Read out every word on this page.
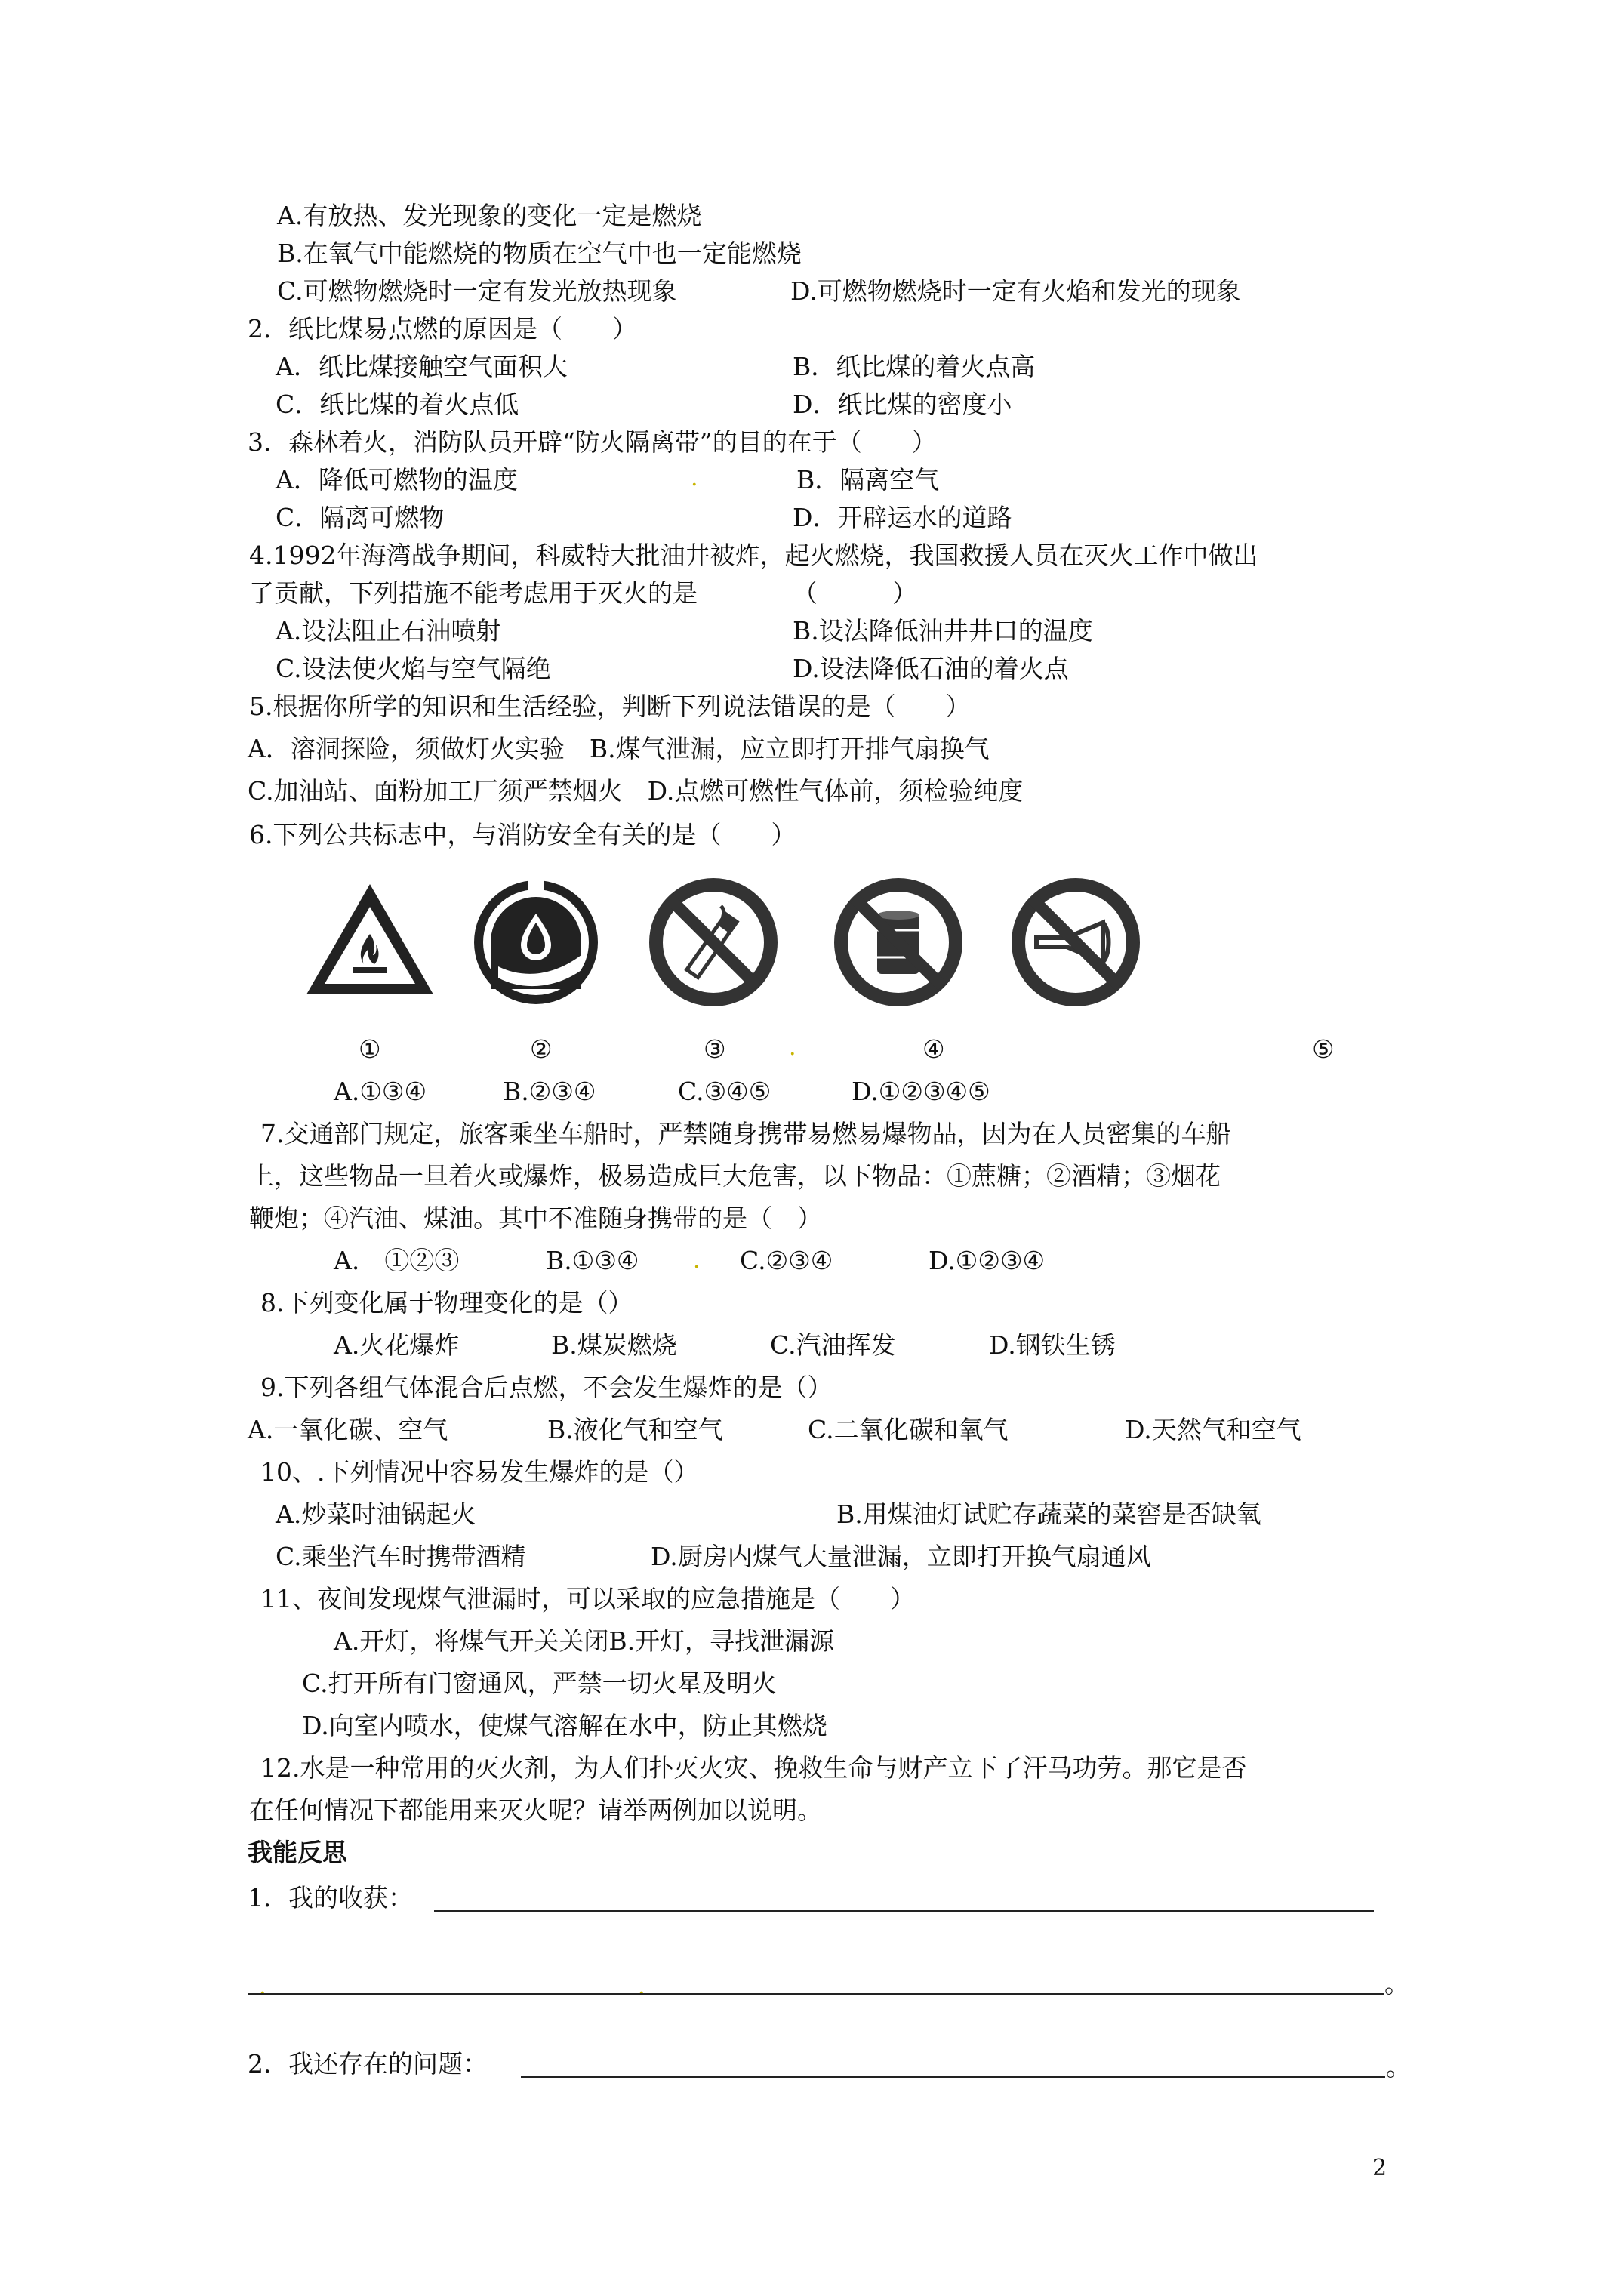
A.有放热、发光现象的变化一定是燃烧
B.在氧气中能燃烧的物质在空气中也一定能燃烧
C.可燃物燃烧时一定有发光放热现象	D.可燃物燃烧时一定有火焰和发光的现象
2．纸比煤易点燃的原因是（　　）
A．纸比煤接触空气面积大	B．纸比煤的着火点高
C．纸比煤的着火点低	D．纸比煤的密度小
3．森林着火，消防队员开辟“防火隔离带”的目的在于（　　）
A．降低可燃物的温度	.	B．隔离空气
C．隔离可燃物	D．开辟运水的道路
4.1992年海湾战争期间，科威特大批油井被炸，起火燃烧，我国救援人员在灭火工作中做出
了贡献，下列措施不能考虑用于灭火的是	（　　　）
A.设法阻止石油喷射	B.设法降低油井井口的温度
C.设法使火焰与空气隔绝	D.设法降低石油的着火点
5.根据你所学的知识和生活经验，判断下列说法错误的是（　　）
A．溶洞探险，须做灯火实验　B.煤气泄漏，应立即打开排气扇换气
C.加油站、面粉加工厂须严禁烟火　D.点燃可燃性气体前，须检验纯度
6.下列公共标志中，与消防安全有关的是（　　）
①	②	③	.	④	⑤
A.①③④	B.②③④	C.③④⑤	D.①②③④⑤
7.交通部门规定，旅客乘坐车船时，严禁随身携带易燃易爆物品，因为在人员密集的车船
上，这些物品一旦着火或爆炸，极易造成巨大危害，以下物品：①蔗糖；②酒精；③烟花
鞭炮；④汽油、煤油。其中不准随身携带的是（　）
A.　①②③	B.①③④ . C.②③④	D.①②③④
8.下列变化属于物理变化的是（）
A.火花爆炸	B.煤炭燃烧	C.汽油挥发	D.钢铁生锈
9.下列各组气体混合后点燃，不会发生爆炸的是（）
A.一氧化碳、空气	B.液化气和空气	C.二氧化碳和氧气	D.天然气和空气
10、.下列情况中容易发生爆炸的是（）
A.炒菜时油锅起火	B.用煤油灯试贮存蔬菜的菜窖是否缺氧
C.乘坐汽车时携带酒精	D.厨房内煤气大量泄漏，立即打开换气扇通风
11、夜间发现煤气泄漏时，可以采取的应急措施是（　　）
A.开灯，将煤气开关关闭B.开灯，寻找泄漏源
C.打开所有门窗通风，严禁一切火星及明火
D.向室内喷水，使煤气溶解在水中，防止其燃烧
12.水是一种常用的灭火剂，为人们扑灭火灾、挽救生命与财产立下了汗马功劳。那它是否
在任何情况下都能用来灭火呢？请举两例加以说明。
我能反思
1．我的收获：
.	.	。
2．我还存在的问题：	。
2
